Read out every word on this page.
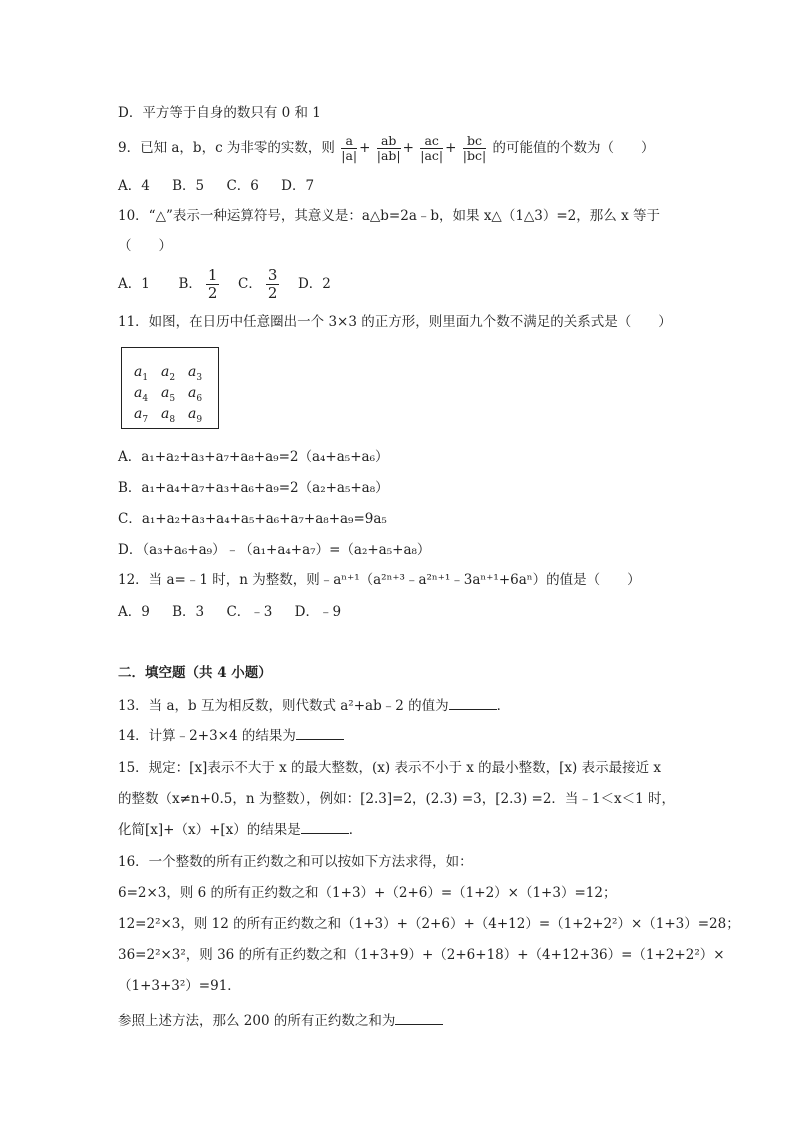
D．平方等于自身的数只有 0 和 1
9．已知 a，b，c 为非零的实数，则 a
| a | + ab
| ab | + ac
| ac | + bc
| bc | 的可能值的个数为（　　）
A．4 B．5 C．6 D．7
10．“△”表示一种运算符号，其意义是：a△b=2a﹣b，如果 x△（1△3）=2，那么 x 等于
（　　）
A．1 B． $\frac{1}{2}$ C． $\frac{3}{2}$ D．2
11．如图，在日历中任意圈出一个 3×3 的正方形，则里面九个数不满足的关系式是（　　）
$a_1$ $a_2$ $a_3$
$a_4$ $a_5$ $a_6$
$a_7$ $a_8$ $a_9$
A．a₁+a₂+a₃+a₇+a₈+a₉=2（a₄+a₅+a₆）
B．a₁+a₄+a₇+a₃+a₆+a₉=2（a₂+a₅+a₈）
C．a₁+a₂+a₃+a₄+a₅+a₆+a₇+a₈+a₉=9a₅
D．（a₃+a₆+a₉）﹣（a₁+a₄+a₇）=（a₂+a₅+a₈）
12．当 a=﹣1 时，n 为整数，则﹣aⁿ⁺¹（a²ⁿ⁺³﹣a²ⁿ⁺¹﹣3aⁿ⁺¹+6aⁿ）的值是（　　）
A．9 B．3 C．﹣3 D．﹣9
二．填空题（共 4 小题）
13．当 a，b 互为相反数，则代数式 a²+ab﹣2 的值为	．
14．计算﹣2+3×4 的结果为
15．规定：[x]表示不大于 x 的最大整数，(x) 表示不小于 x 的最小整数，[x) 表示最接近 x
的整数（x≠n+0.5，n 为整数），例如：[2.3]=2，(2.3) =3，[2.3) =2．当﹣1＜x＜1 时，
化简[x]+（x）+[x）的结果是	．
16．一个整数的所有正约数之和可以按如下方法求得，如：
6=2×3，则 6 的所有正约数之和（1+3）+（2+6）=（1+2）×（1+3）=12；
12=2²×3，则 12 的所有正约数之和（1+3）+（2+6）+（4+12）=（1+2+2²）×（1+3）=28；
36=2²×3²，则 36 的所有正约数之和（1+3+9）+（2+6+18）+（4+12+36）=（1+2+2²）×
（1+3+3²）=91．
参照上述方法，那么 200 的所有正约数之和为
